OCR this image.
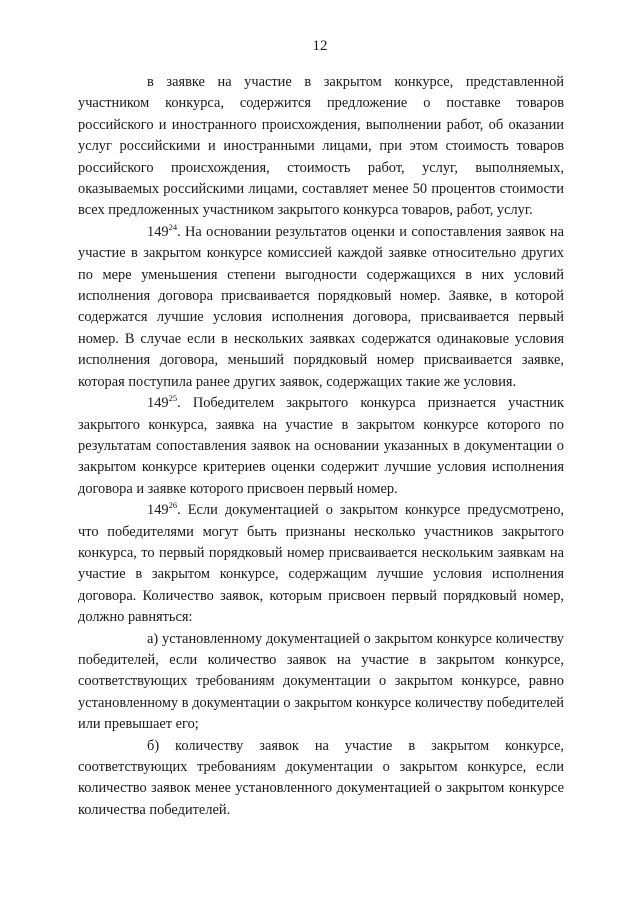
12

в заявке на участие в закрытом конкурсе, представленной участником конкурса, содержится предложение о поставке товаров российского и иностранного происхождения, выполнении работ, об оказании услуг российскими и иностранными лицами, при этом стоимость товаров российского происхождения, стоимость работ, услуг, выполняемых, оказываемых российскими лицами, составляет менее 50 процентов стоимости всех предложенных участником закрытого конкурса товаров, работ, услуг.

$149^{24}$. На основании результатов оценки и сопоставления заявок на участие в закрытом конкурсе комиссией каждой заявке относительно других по мере уменьшения степени выгодности содержащихся в них условий исполнения договора присваивается порядковый номер. Заявке, в которой содержатся лучшие условия исполнения договора, присваивается первый номер. В случае если в нескольких заявках содержатся одинаковые условия исполнения договора, меньший порядковый номер присваивается заявке, которая поступила ранее других заявок, содержащих такие же условия.

$149^{25}$. Победителем закрытого конкурса признается участник закрытого конкурса, заявка на участие в закрытом конкурсе которого по результатам сопоставления заявок на основании указанных в документации о закрытом конкурсе критериев оценки содержит лучшие условия исполнения договора и заявке которого присвоен первый номер.

$149^{26}$. Если документацией о закрытом конкурсе предусмотрено, что победителями могут быть признаны несколько участников закрытого конкурса, то первый порядковый номер присваивается нескольким заявкам на участие в закрытом конкурсе, содержащим лучшие условия исполнения договора. Количество заявок, которым присвоен первый порядковый номер, должно равняться:

а) установленному документацией о закрытом конкурсе количеству победителей, если количество заявок на участие в закрытом конкурсе, соответствующих требованиям документации о закрытом конкурсе, равно установленному в документации о закрытом конкурсе количеству победителей или превышает его;

б) количеству заявок на участие в закрытом конкурсе, соответствующих требованиям документации о закрытом конкурсе, если количество заявок менее установленного документацией о закрытом конкурсе количества победителей.
